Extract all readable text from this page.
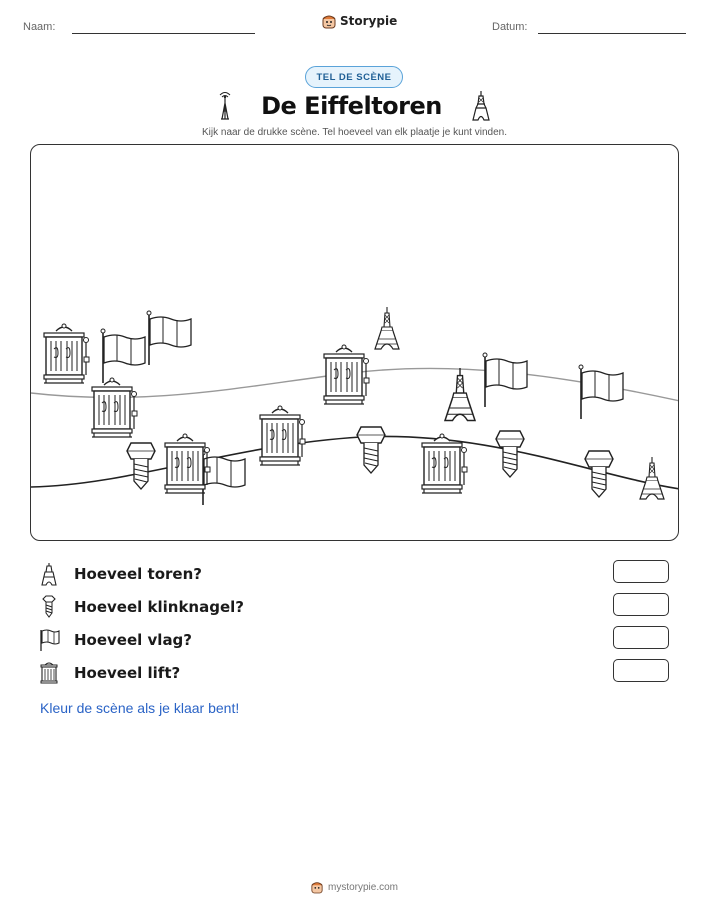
Naam:	Storypie	Datum:
TEL DE SCÈNE
De Eiffeltoren
Kijk naar de drukke scène. Tel hoeveel van elk plaatje je kunt vinden.
Hoeveel toren?
Hoeveel klinknagel?
Hoeveel vlag?
Hoeveel lift?
Kleur de scène als je klaar bent!
mystorypie.com
